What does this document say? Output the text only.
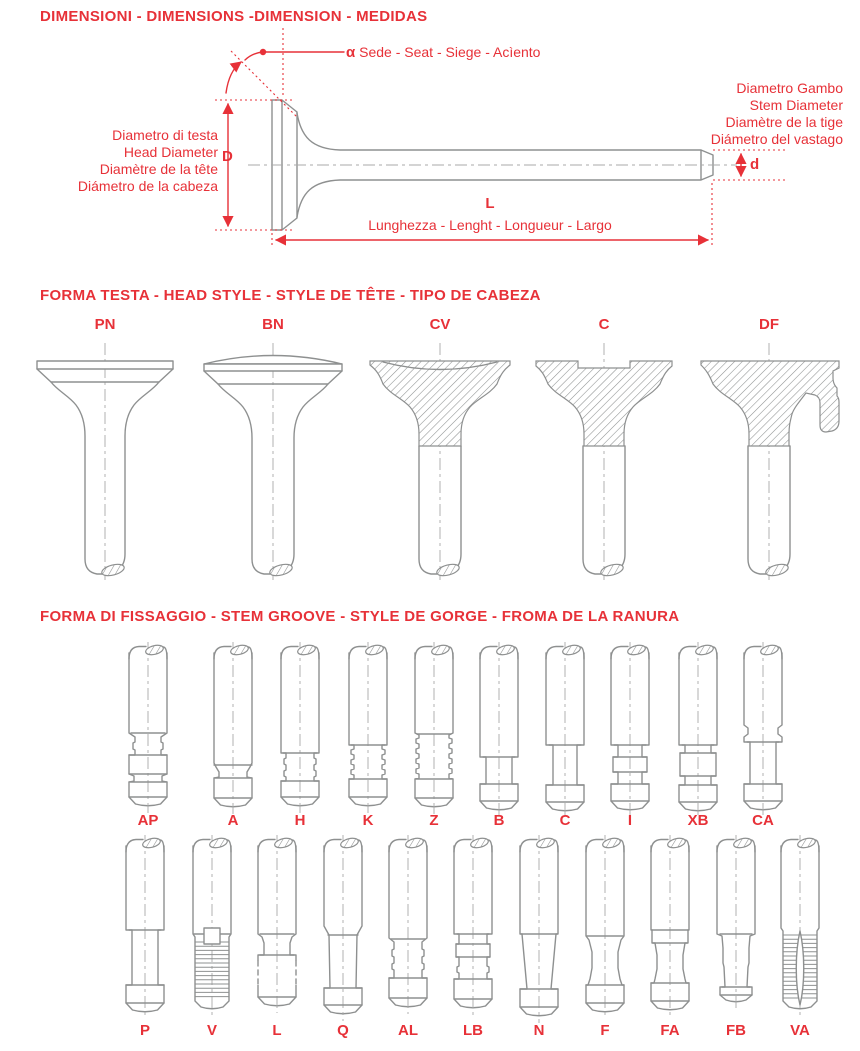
DIMENSIONI - DIMENSIONS -DIMENSION - MEDIDAS
α Sede - Seat - Siege - Acìento
Diametro di testa
Head Diameter
Diamètre de la tête
Diámetro de la cabeza
D
Diametro Gambo
Stem Diameter
Diamètre de la tige
Diámetro del vastago
d
L
Lunghezza - Lenght - Longueur - Largo
FORMA TESTA - HEAD STYLE - STYLE DE TÊTE - TIPO DE CABEZA
FORMA DI FISSAGGIO - STEM GROOVE - STYLE DE GORGE - FROMA DE LA RANURA
PN	BN	CV	C	DF
AP	A	H	K	Z	B	C	I	XB	CA
P	V	L	Q	AL	LB	N	F	FA	FB	VA
